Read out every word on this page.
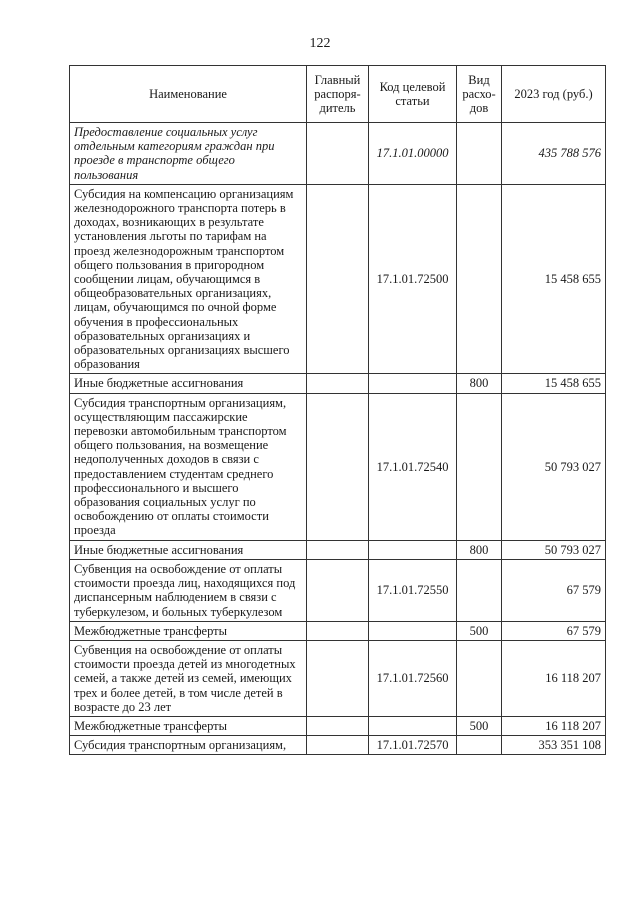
122
Наименование	Главный распоря-дитель	Код целевой статьи	Вид расхо-дов	2023 год (руб.)
Предоставление социальных услуг отдельным категориям граждан при проезде в транспорте общего пользования		17.1.01.00000		435 788 576
Субсидия на компенсацию организациям железнодорожного транспорта потерь в доходах, возникающих в результате установления льготы по тарифам на проезд железнодорожным транспортом общего пользования в пригородном сообщении лицам, обучающимся в общеобразовательных организациях, лицам, обучающимся по очной форме обучения в профессиональных образовательных организациях и образовательных организациях высшего образования		17.1.01.72500		15 458 655
Иные бюджетные ассигнования			800	15 458 655
Субсидия транспортным организациям, осуществляющим пассажирские перевозки автомобильным транспортом общего пользования, на возмещение недополученных доходов в связи с предоставлением студентам среднего профессионального и высшего образования социальных услуг по освобождению от оплаты стоимости проезда		17.1.01.72540		50 793 027
Иные бюджетные ассигнования			800	50 793 027
Субвенция на освобождение от оплаты стоимости проезда лиц, находящихся под диспансерным наблюдением в связи с туберкулезом, и больных туберкулезом		17.1.01.72550		67 579
Межбюджетные трансферты			500	67 579
Субвенция на освобождение от оплаты стоимости проезда детей из многодетных семей, а также детей из семей, имеющих трех и более детей, в том числе детей в возрасте до 23 лет		17.1.01.72560		16 118 207
Межбюджетные трансферты			500	16 118 207
Субсидия транспортным организациям,		17.1.01.72570		353 351 108
